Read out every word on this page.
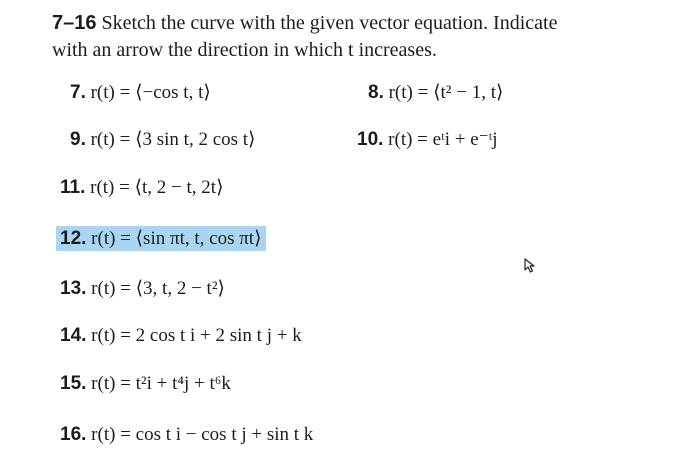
7–16 Sketch the curve with the given vector equation. Indicate
with an arrow the direction in which t increases.
7. r(t) = ⟨−cos t, t⟩	8. r(t) = ⟨t² − 1, t⟩
9. r(t) = ⟨3 sin t, 2 cos t⟩	10. r(t) = eᵗi + e⁻ᵗj
11. r(t) = ⟨t, 2 − t, 2t⟩
12. r(t) = ⟨sin πt, t, cos πt⟩
13. r(t) = ⟨3, t, 2 − t²⟩
14. r(t) = 2 cos t i + 2 sin t j + k
15. r(t) = t²i + t⁴j + t⁶k
16. r(t) = cos t i − cos t j + sin t k
